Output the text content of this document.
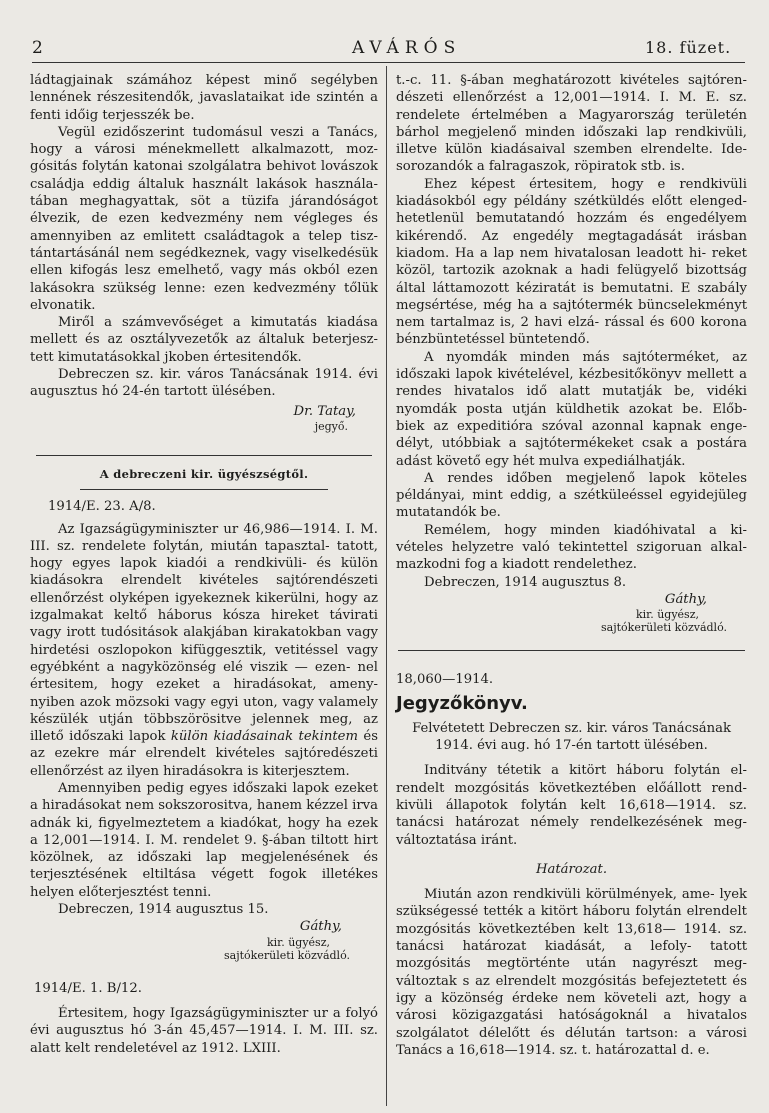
2	AVÁRÓS	18. füzet.

ládtagjainak számához képest minő segélyben lennének részesitendők, javaslataikat ide szintén a fenti időig terjesszék be.

Vegül ezidőszerint tudomásul veszi a Tanács, hogy a városi ménekmellett alkalmazott, moz- gósitás folytán katonai szolgálatra behivot lovászok családja eddig általuk használt lakások használa- tában meghagyattak, söt a tüzifa járandóságot élvezik, de ezen kedvezmény nem végleges és amennyiben az emlitett családtagok a telep tisz- tántartásánál nem segédkeznek, vagy viselkedésük ellen kifogás lesz emelhető, vagy más okból ezen lakásokra szükség lenne: ezen kedvezmény tőlük elvonatik.

Miről a számvevőséget a kimutatás kiadása mellett és az osztályvezetők az általuk beterjesz- tett kimutatásokkal jkoben értesitendők.

Debreczen sz. kir. város Tanácsának 1914. évi augusztus hó 24-én tartott ülésében.

Dr. Tatay,

jegyő.

A debreczeni kir. ügyészségtől.

1914/E. 23. A/8.

Az Igazságügyminiszter ur 46,986—1914. I. M. III. sz. rendelete folytán, miután tapasztal- tatott, hogy egyes lapok kiadói a rendkivüli- és külön kiadásokra elrendelt kivételes sajtórendészeti ellenőrzést olyképen igyekeznek kikerülni, hogy az izgalmakat keltő háborus kósza hireket távirati vagy irott tudósitások alakjában kirakatokban vagy hirdetési oszlopokon kifüggesztik, vetitéssel vagy egyébként a nagyközönség elé viszik — ezen- nel értesitem, hogy ezeket a hiradásokat, ameny- nyiben azok mözsoki vagy egyi uton, vagy valamely készülék utján többszörösitve jelennek meg, az illető időszaki lapok külön kiadásainak tekintem és az ezekre már elrendelt kivételes sajtóredészeti ellenőrzést az ilyen hiradásokra is kiterjesztem.

Amennyiben pedig egyes időszaki lapok ezeket a hiradásokat nem sokszorositva, hanem kézzel irva adnák ki, figyelmeztetem a kiadókat, hogy ha ezek a 12,001—1914. I. M. rendelet 9. §-ában tiltott hirt közölnek, az időszaki lap megjelenésének és terjesztésének eltiltása végett fogok illetékes helyen előterjesztést tenni.

Debreczen, 1914 augusztus 15.

Gáthy,

kir. ügyész,

sajtókerületi közvádló.

1914/E. 1. B/12.

Értesitem, hogy Igazságügyminiszter ur a folyó évi augusztus hó 3-án 45,457—1914. I. M. III. sz. alatt kelt rendeletével az 1912. LXIII.

t.-c. 11. §-ában meghatározott kivételes sajtóren- dészeti ellenőrzést a 12,001—1914. I. M. E. sz. rendelete értelmében a Magyarország területén bárhol megjelenő minden időszaki lap rendkivüli, illetve külön kiadásaival szemben elrendelte. Ide- sorozandók a falragaszok, röpiratok stb. is.

Ehez képest értesitem, hogy e rendkivüli kiadásokból egy példány szétküldés előtt elenged- hetetlenül bemutatandó hozzám és engedélyem kikérendő. Az engedély megtagadását irásban kiadom. Ha a lap nem hivatalosan leadott hi- reket közöl, tartozik azoknak a hadi felügyelő bizottság által láttamozott kéziratát is bemutatni. E szabály megsértése, még ha a sajtótermék büncselekményt nem tartalmaz is, 2 havi elzá- rással és 600 korona bénzbüntetéssel büntetendő.

A nyomdák minden más sajtóterméket, az időszaki lapok kivételével, kézbesitőkönyv mellett a rendes hivatalos idő alatt mutatják be, vidéki nyomdák posta utján küldhetik azokat be. Előb- biek az expeditióra szóval azonnal kapnak enge- délyt, utóbbiak a sajtótermékeket csak a postára adást követő egy hét mulva expediálhatják.

A rendes időben megjelenő lapok köteles példányai, mint eddig, a szétküleéssel egyidejüleg mutatandók be.

Remélem, hogy minden kiadóhivatal a ki- vételes helyzetre való tekintettel szigoruan alkal- mazkodni fog a kiadott rendelethez.

Debreczen, 1914 augusztus 8.

Gáthy,

kir. ügyész,

sajtókerületi közvádló.

18,060—1914.

Jegyzőkönyv.

Felvétetett Debreczen sz. kir. város Tanácsának 1914. évi aug. hó 17-én tartott ülésében.

Inditvány tétetik a kitört háboru folytán el- rendelt mozgósitás következtében előállott rend- kivüli állapotok folytán kelt 16,618—1914. sz. tanácsi határozat némely rendelkezésének meg- változtatása iránt.

Határozat.

Miután azon rendkivüli körülmények, ame- lyek szükségessé tették a kitört háboru folytán elrendelt mozgósitás következtében kelt 13,618— 1914. sz. tanácsi határozat kiadását, a lefoly- tatott mozgósitás megtörténte után nagyrészt meg- változtak s az elrendelt mozgósitás befejeztetett és igy a közönség érdeke nem követeli azt, hogy a városi közigazgatási hatóságoknál a hivatalos szolgálatot délelőtt és délután tartson: a városi Tanács a 16,618—1914. sz. t. határozattal d. e.
